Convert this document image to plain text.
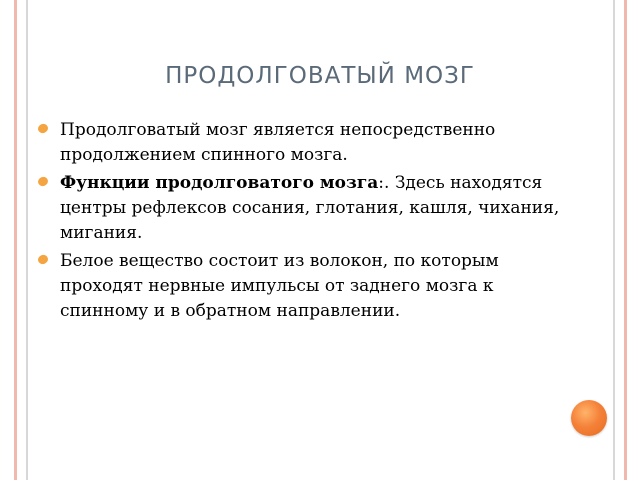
ПРОДОЛГОВАТЫЙ МОЗГ
Продолговатый мозг является непосредственно продолжением спинного мозга.
Функции продолговатого мозга:. Здесь находятся центры рефлексов сосания, глотания, кашля, чихания, мигания.
Белое вещество состоит из волокон, по которым проходят нервные импульсы от заднего мозга к спинному и в обратном направлении.
